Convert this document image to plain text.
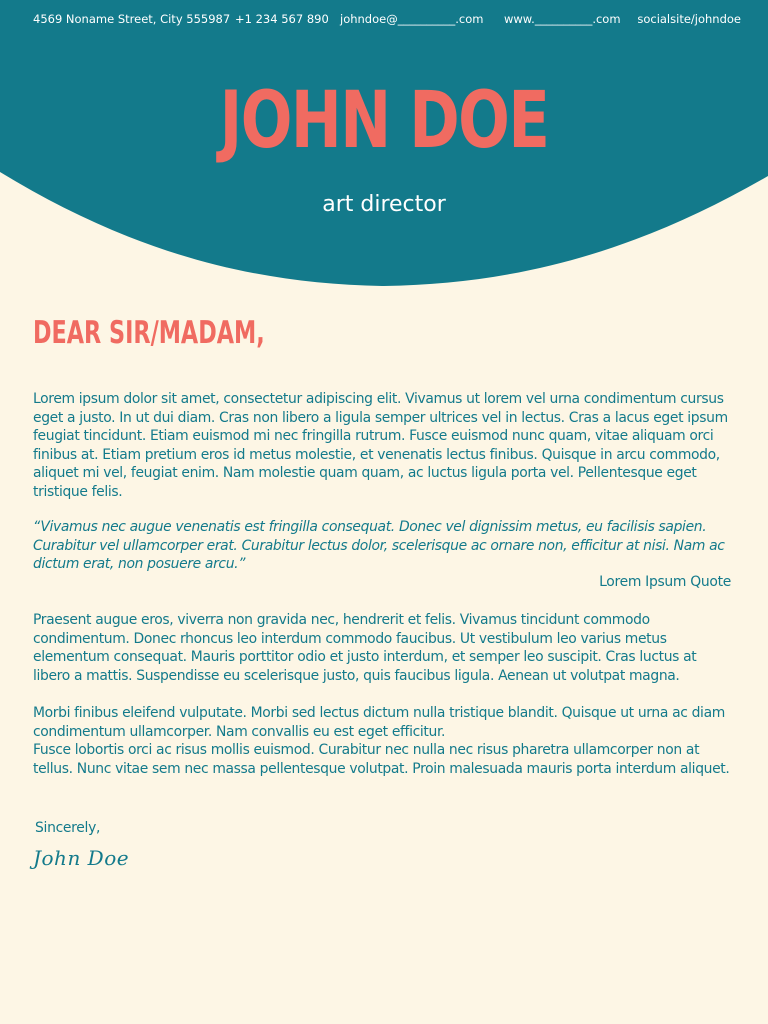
4569 Noname Street, City 555987 +1 234 567 890 johndoe@__________.com www.__________.com socialsite/johndoe
JOHN DOE
art director
DEAR SIR/MADAM,
Lorem ipsum dolor sit amet, consectetur adipiscing elit. Vivamus ut lorem vel urna condimentum cursus eget a justo. In ut dui diam. Cras non libero a ligula semper ultrices vel in lectus. Cras a lacus eget ipsum feugiat tincidunt. Etiam euismod mi nec fringilla rutrum. Fusce euismod nunc quam, vitae aliquam orci finibus at. Etiam pretium eros id metus molestie, et venenatis lectus finibus. Quisque in arcu commodo, aliquet mi vel, feugiat enim. Nam molestie quam quam, ac luctus ligula porta vel. Pellentesque eget tristique felis.
“Vivamus nec augue venenatis est fringilla consequat. Donec vel dignissim metus, eu facilisis sapien. Curabitur vel ullamcorper erat. Curabitur lectus dolor, scelerisque ac ornare non, efficitur at nisi. Nam ac dictum erat, non posuere arcu.”
Lorem Ipsum Quote
Praesent augue eros, viverra non gravida nec, hendrerit et felis. Vivamus tincidunt commodo condimentum. Donec rhoncus leo interdum commodo faucibus. Ut vestibulum leo varius metus elementum consequat. Mauris porttitor odio et justo interdum, et semper leo suscipit. Cras luctus at libero a mattis. Suspendisse eu scelerisque justo, quis faucibus ligula. Aenean ut volutpat magna.
Morbi finibus eleifend vulputate. Morbi sed lectus dictum nulla tristique blandit. Quisque ut urna ac diam condimentum ullamcorper. Nam convallis eu est eget efficitur.
Fusce lobortis orci ac risus mollis euismod. Curabitur nec nulla nec risus pharetra ullamcorper non at tellus. Nunc vitae sem nec massa pellentesque volutpat. Proin malesuada mauris porta interdum aliquet.
Sincerely,
John Doe
